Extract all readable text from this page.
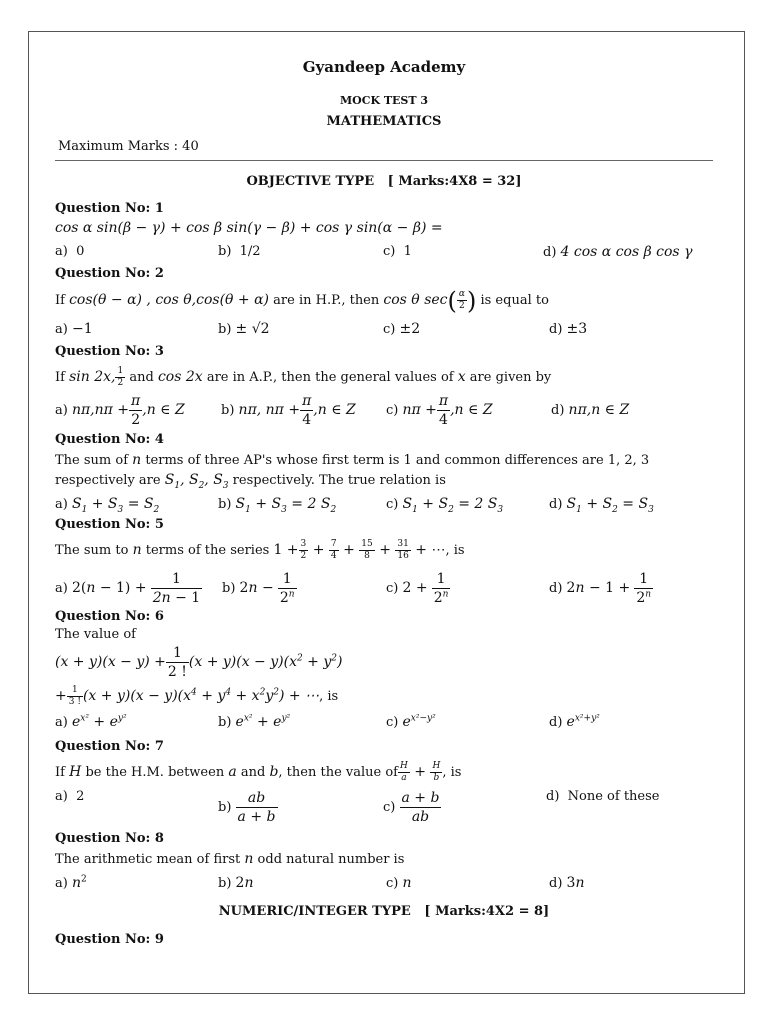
Gyandeep Academy
MOCK TEST 3
MATHEMATICS
Maximum Marks : 40
OBJECTIVE TYPE   [ Marks:4X8 = 32]
Question No: 1
cos α sin(β − γ) + cos β sin(γ − β) + cos γ sin(α − β) =
a)  0	b)  1/2	c)  1	d) 4 cos α cos β cos γ
Question No: 2
If cos(θ − α) , cos θ,cos(θ + α) are in H.P., then cos θ $\sec( \frac{\alpha}{2}$ ) is equal to
a) −1	b) ± √2	c) ±2	d) ±3
Question No: 3
If sin 2x, $\frac{1}{2}$ and cos 2x are in A.P., then the general values of x are given by
a) $n\pi,n\pi + \frac{\pi}{2} ,n$ ∈ Z	b) nπ, $n\pi + \frac{\pi}{4} ,n$ ∈ Z c) $n\pi + \frac{\pi}{4} ,n$ ∈ Z	d) nπ,n ∈ Z
Question No: 4
The sum of n terms of three AP's whose first term is 1 and common differences are 1, 2, 3
respectively are $S_1$, $S_2$, $S_3$ respectively. The true relation is
a) $S_1 + S_3 = S_2$	b) $S_1 + S_3 = 2$ $S_2$	c) $S_1 + S_2 = 2$ $S_3$	d) $S_1 + S_2 = S_3$
Question No: 5
The sum to n terms of the series $1 + \frac{3}{2} + \frac{7}{4} + \frac{15}{8} + \frac{31}{16}$ + ⋯, is
a) $2(n - 1) + \frac{1}{2n - 1} b$) $2n - \frac{1}{2^n}$	c) $2 + \frac{1}{2^n}$	d) $2n - 1 + \frac{1}{2^n}$
Question No: 6
The value of
$(x + y)(x - y) + \frac{1}{2 !} (x + y)(x - y)(x^2 + y^2)$
+ $\frac{1}{3 !} (x + y)(x - y)(x^4 + y^4 + x^2y^2)$ + ⋯, is
a) $e^{x^2} + e^{y^2}$	b) $e^{x^2} + e^{y^2}$	c) $e^{x^2-y^2}$	d) $e^{x^2+y^2}$
Question No: 7
If H be the H.M. between a and b, then the value of $\frac{H}{a} + \frac{H}{b}$ , is
a)  2
$b) \frac{ab}{a + b}$	$c) \frac{a + b}{ab}$	d)  None of these
Question No: 8
The arithmetic mean of first n odd natural number is
a) $n^2$	b) 2n	c) n	d) 3n
NUMERIC/INTEGER TYPE   [ Marks:4X2 = 8]
Question No: 9
